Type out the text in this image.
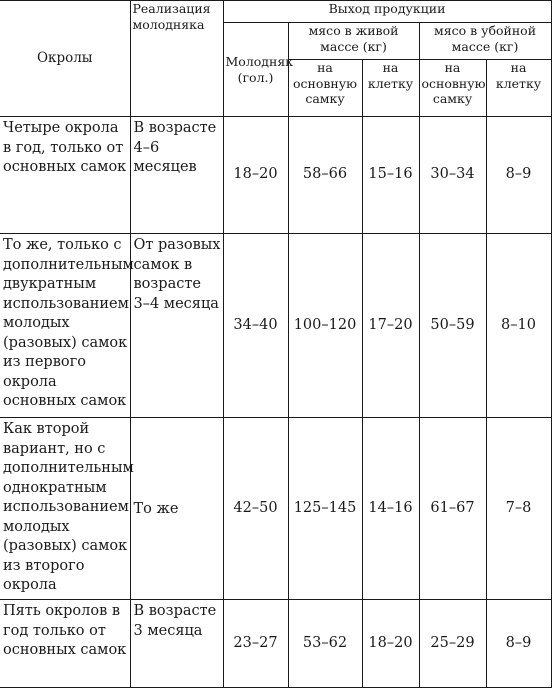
Окролы	Реализация молодняка	Выход продукции				
		Молодняк (гол.)	мясо в живой массе (кг)		мясо в убойной массе (кг)	
			на основную самку	на клетку	на основную самку	на клетку
Четыре окрола в год, только от основных самок	В возрасте 4–6 месяцев	18–20	58–66	15–16	30–34	8–9
То же, только с дополнительным двукратным использованием молодых (разовых) самок из первого окрола основных самок	От разовых самок в возрасте 3–4 месяца	34–40	100–120	17–20	50–59	8–10
Как второй вариант, но с дополнительным однократным использованием молодых (разовых) самок из второго окрола	То же	42–50	125–145	14–16	61–67	7–8
Пять окролов в год только от основных самок	В возрасте 3 месяца	23–27	53–62	18–20	25–29	8–9
